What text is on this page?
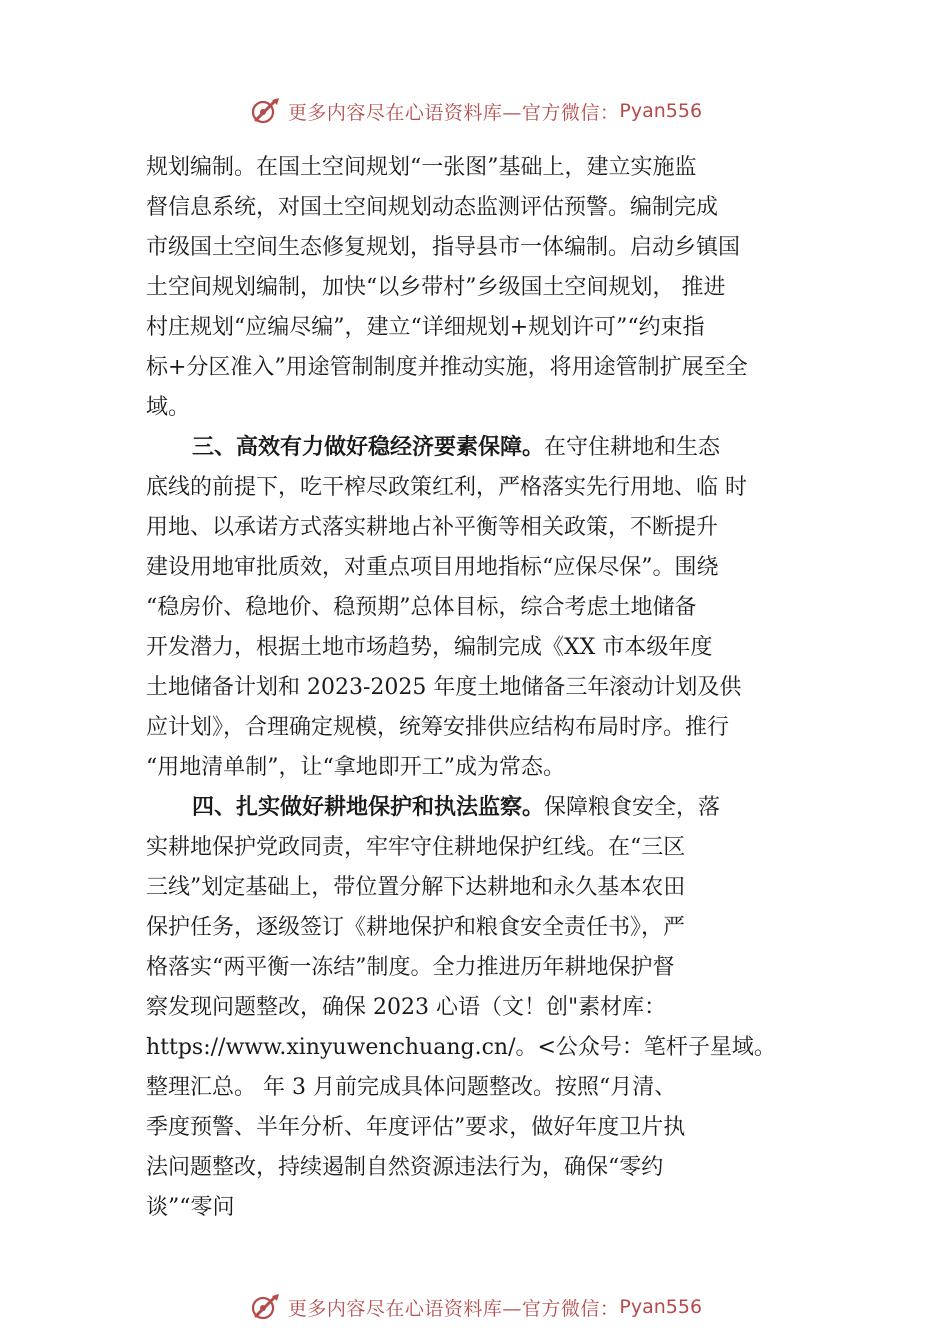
更多内容尽在心语资料库—官方微信： Pyan556
规划编制。在国土空间规划“一张图”基础上，建立实施监
督信息系统，对国土空间规划动态监测评估预警。编制完成
市级国土空间生态修复规划，指导县市一体编制。启动乡镇国
土空间规划编制，加快“以乡带村”乡级国土空间规划， 推进
村庄规划“应编尽编”，建立“详细规划+规划许可”“约束指
标+分区准入”用途管制制度并推动实施，将用途管制扩展至全
域。
三、高效有力做好稳经济要素保障。在守住耕地和生态
底线的前提下，吃干榨尽政策红利，严格落实先行用地、临 时
用地、以承诺方式落实耕地占补平衡等相关政策，不断提升
建设用地审批质效，对重点项目用地指标“应保尽保”。围绕
“稳房价、稳地价、稳预期”总体目标，综合考虑土地储备
开发潜力，根据土地市场趋势，编制完成《XX 市本级年度
土地储备计划和 2023-2025 年度土地储备三年滚动计划及供
应计划》，合理确定规模，统筹安排供应结构布局时序。推行
“用地清单制”，让“拿地即开工”成为常态。
四、扎实做好耕地保护和执法监察。保障粮食安全，落
实耕地保护党政同责，牢牢守住耕地保护红线。在“三区
三线”划定基础上，带位置分解下达耕地和永久基本农田
保护任务，逐级签订《耕地保护和粮食安全责任书》，严
格落实“两平衡一冻结”制度。全力推进历年耕地保护督
察发现问题整改，确保 2023 心语（文！创"素材库：
https://www.xinyuwenchuang.cn/。<公众号：笔杆子星域。
整理汇总。 年 3 月前完成具体问题整改。按照“月清、
季度预警、半年分析、年度评估”要求，做好年度卫片执
法问题整改，持续遏制自然资源违法行为，确保“零约
谈”“零问
更多内容尽在心语资料库—官方微信： Pyan556
